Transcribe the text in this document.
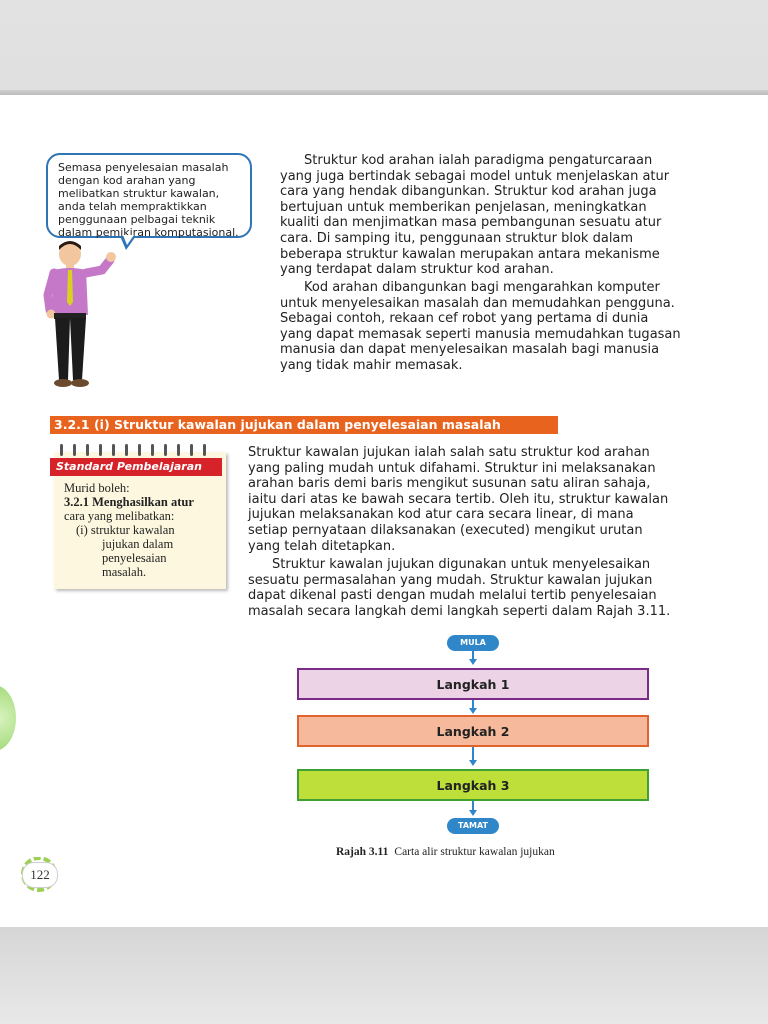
Semasa penyelesaian masalah
dengan kod arahan yang
melibatkan struktur kawalan,
anda telah mempraktikkan
penggunaan pelbagai teknik
dalam pemikiran komputasional.
Struktur kod arahan ialah paradigma pengaturcaraan
yang juga bertindak sebagai model untuk menjelaskan atur
cara yang hendak dibangunkan. Struktur kod arahan juga
bertujuan untuk memberikan penjelasan, meningkatkan
kualiti dan menjimatkan masa pembangunan sesuatu atur
cara. Di samping itu, penggunaan struktur blok dalam
beberapa struktur kawalan merupakan antara mekanisme
yang terdapat dalam struktur kod arahan.
Kod arahan dibangunkan bagi mengarahkan komputer
untuk menyelesaikan masalah dan memudahkan pengguna.
Sebagai contoh, rekaan cef robot yang pertama di dunia
yang dapat memasak seperti manusia memudahkan tugasan
manusia dan dapat menyelesaikan masalah bagi manusia
yang tidak mahir memasak.
3.2.1 (i) Struktur kawalan jujukan dalam penyelesaian masalah
Standard Pembelajaran
Murid boleh:
3.2.1 Menghasilkan atur
cara yang melibatkan:
(i) struktur kawalan
jujukan dalam
penyelesaian
masalah.
Struktur kawalan jujukan ialah salah satu struktur kod arahan
yang paling mudah untuk difahami. Struktur ini melaksanakan
arahan baris demi baris mengikut susunan satu aliran sahaja,
iaitu dari atas ke bawah secara tertib. Oleh itu, struktur kawalan
jujukan melaksanakan kod atur cara secara linear, di mana
setiap pernyataan dilaksanakan (executed) mengikut urutan
yang telah ditetapkan.
Struktur kawalan jujukan digunakan untuk menyelesaikan
sesuatu permasalahan yang mudah. Struktur kawalan jujukan
dapat dikenal pasti dengan mudah melalui tertib penyelesaian
masalah secara langkah demi langkah seperti dalam Rajah 3.11.
MULA
Langkah 1
Langkah 2
Langkah 3
TAMAT
Rajah 3.11 Carta alir struktur kawalan jujukan
122
